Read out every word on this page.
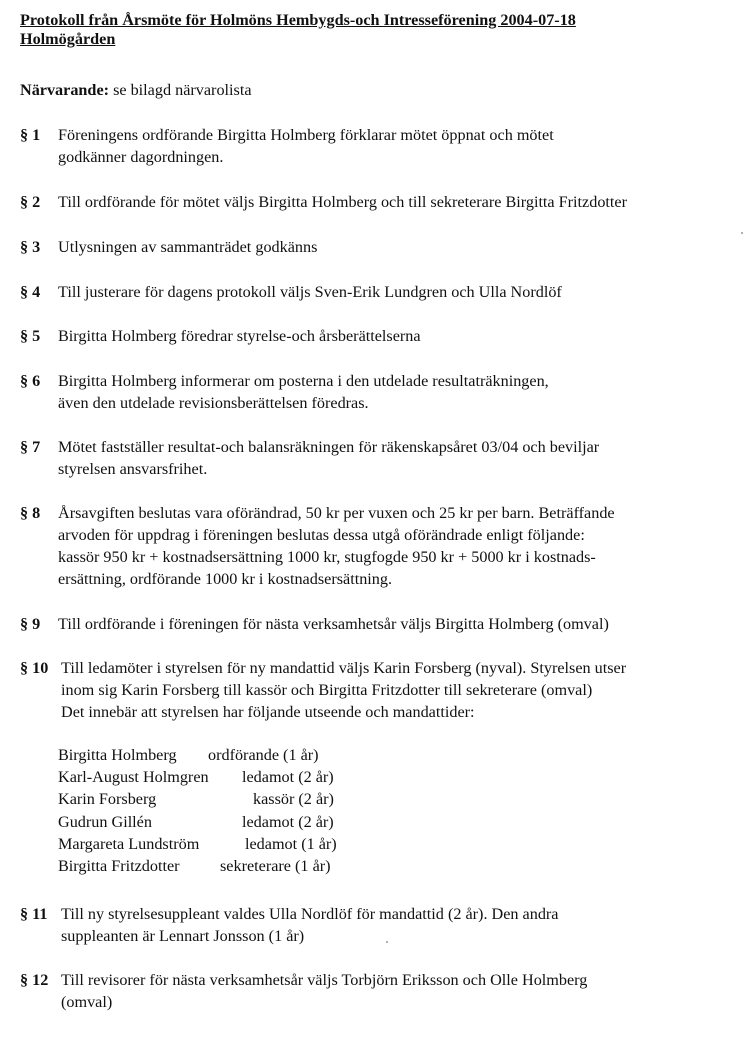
Protokoll från Årsmöte för Holmöns Hembygds-och Intresseförening 2004-07-18
Holmögården
Närvarande: se bilagd närvarolista
§ 1 Föreningens ordförande Birgitta Holmberg förklarar mötet öppnat och mötet
godkänner dagordningen.
§ 2 Till ordförande för mötet väljs Birgitta Holmberg och till sekreterare Birgitta Fritzdotter
§ 3 Utlysningen av sammanträdet godkänns
§ 4 Till justerare för dagens protokoll väljs Sven-Erik Lundgren och Ulla Nordlöf
§ 5 Birgitta Holmberg föredrar styrelse-och årsberättelserna
§ 6 Birgitta Holmberg informerar om posterna i den utdelade resultaträkningen,
även den utdelade revisionsberättelsen föredras.
§ 7 Mötet fastställer resultat-och balansräkningen för räkenskapsåret 03/04 och beviljar
styrelsen ansvarsfrihet.
§ 8 Årsavgiften beslutas vara oförändrad, 50 kr per vuxen och 25 kr per barn. Beträffande
arvoden för uppdrag i föreningen beslutas dessa utgå oförändrade enligt följande:
kassör 950 kr + kostnadsersättning 1000 kr, stugfogde 950 kr + 5000 kr i kostnads-
ersättning, ordförande 1000 kr i kostnadsersättning.
§ 9 Till ordförande i föreningen för nästa verksamhetsår väljs Birgitta Holmberg (omval)
§ 10 Till ledamöter i styrelsen för ny mandattid väljs Karin Forsberg (nyval). Styrelsen utser
inom sig Karin Forsberg till kassör och Birgitta Fritzdotter till sekreterare (omval)
Det innebär att styrelsen har följande utseende och mandattider:
Birgitta Holmberg ordförande (1 år)
Karl-August Holmgren ledamot (2 år)
Karin Forsberg	kassör (2 år)
Gudrun Gillén	ledamot (2 år)
Margareta Lundström	ledamot (1 år)
Birgitta Fritzdotter sekreterare (1 år)
§ 11 Till ny styrelsesuppleant valdes Ulla Nordlöf för mandattid (2 år). Den andra
suppleanten är Lennart Jonsson (1 år)
§ 12 Till revisorer för nästa verksamhetsår väljs Torbjörn Eriksson och Olle Holmberg
(omval)
